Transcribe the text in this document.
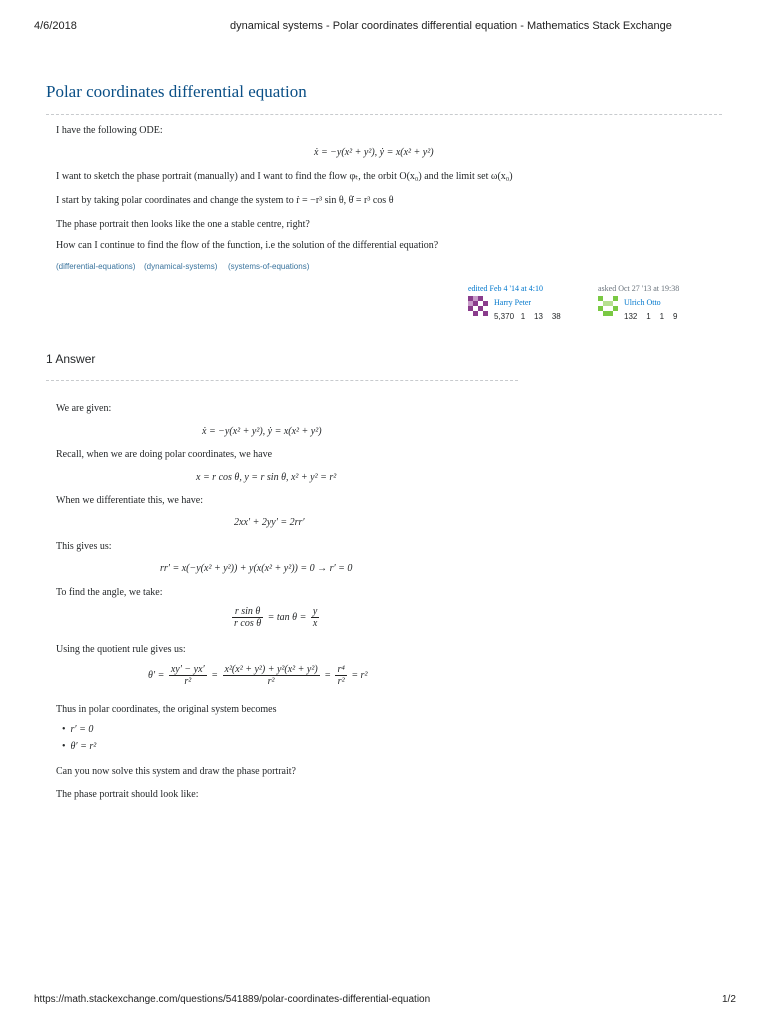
4/6/2018	dynamical systems - Polar coordinates differential equation - Mathematics Stack Exchange
Polar coordinates differential equation
I have the following ODE:
ẋ = −y(x² + y²), ẏ = x(x² + y²)
I want to sketch the phase portrait (manually) and I want to find the flow φₜ, the orbit O(x₀) and the limit set ω(x₀)
I start by taking polar coordinates and change the system to ṙ = −r³ sin θ, θ̇ = r³ cos θ
The phase portrait then looks like the one a stable centre, right?
How can I continue to find the flow of the function, i.e the solution of the differential equation?
(differential-equations) (dynamical-systems) (systems-of-equations)
edited Feb 4 '14 at 4:10
Harry Peter
5,370 1 13 38
asked Oct 27 '13 at 19:38
Ulrich Otto
132 1 1 9
1 Answer
We are given:
ẋ = −y(x² + y²), ẏ = x(x² + y²)
Recall, when we are doing polar coordinates, we have
x = r cos θ, y = r sin θ, x² + y² = r²
When we differentiate this, we have:
2xx′ + 2yy′ = 2rr′
This gives us:
rr′ = x(−y(x² + y²)) + y(x(x² + y²)) = 0 → r′ = 0
To find the angle, we take:
$\frac{\text{r sin θ}}{\text{r cos θ}} = \tan \theta = \frac{y}{x}$
Using the quotient rule gives us:
$\theta' = \frac{xy' - yx'}{\text{r²}} = \frac{\text{x²(x² + y²) + y²(x² + y²)}}{\text{r²}} = \frac{\text{r⁴}}{\text{r²}} = r^2$
Thus in polar coordinates, the original system becomes
•  r′ = 0
•  θ′ = r²
Can you now solve this system and draw the phase portrait?
The phase portrait should look like:
https://math.stackexchange.com/questions/541889/polar-coordinates-differential-equation	1/2
